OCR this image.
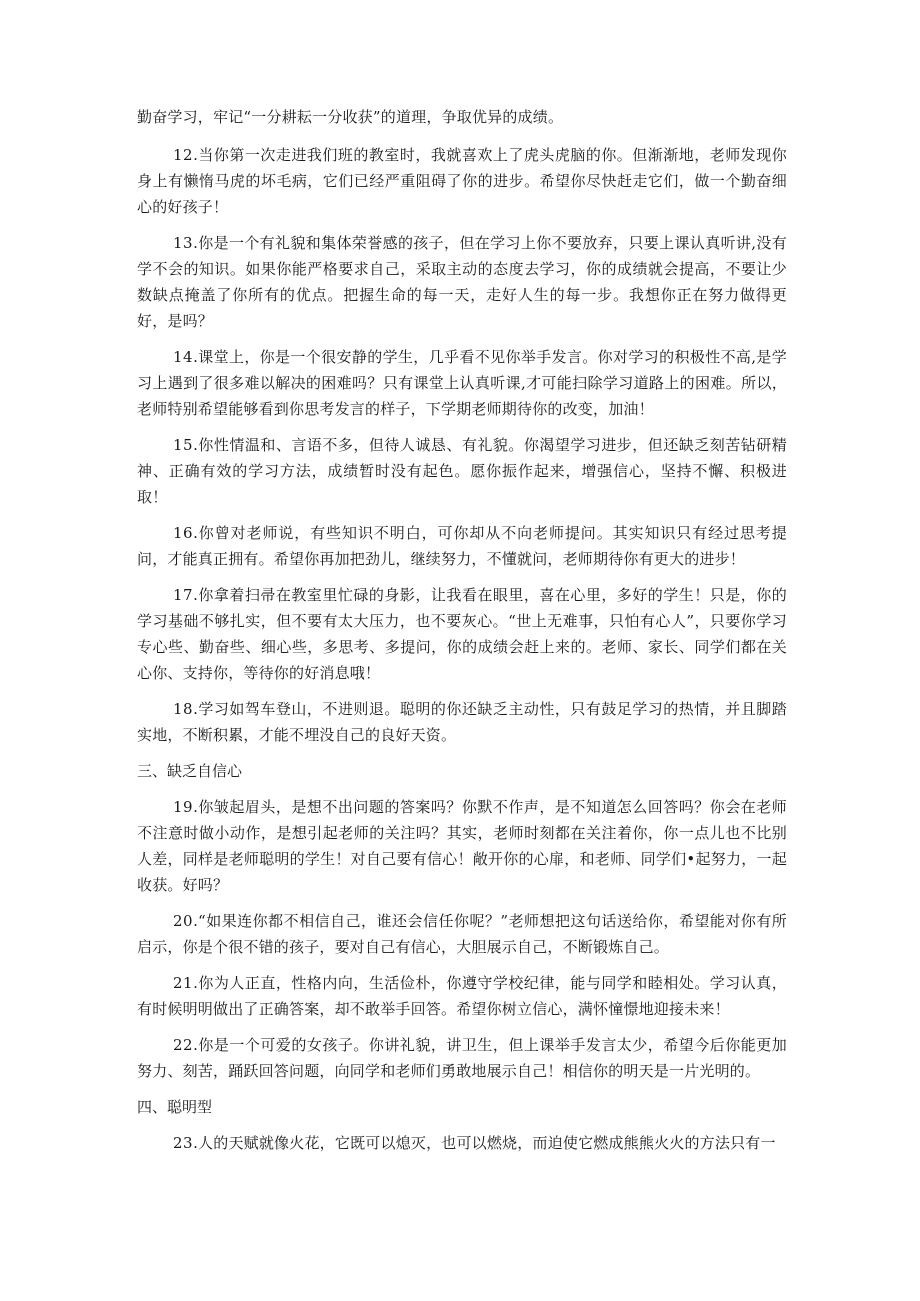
勤奋学习，牢记“一分耕耘一分收获”的道理，争取优异的成绩。

12.当你第一次走进我们班的教室时，我就喜欢上了虎头虎脑的你。但渐渐地，老师发现你身上有懒惰马虎的坏毛病，它们已经严重阻碍了你的进步。希望你尽快赶走它们，做一个勤奋细心的好孩子！

13.你是一个有礼貌和集体荣誉感的孩子，但在学习上你不要放弃，只要上课认真听讲,没有学不会的知识。如果你能严格要求自己，采取主动的态度去学习，你的成绩就会提高，不要让少数缺点掩盖了你所有的优点。把握生命的每一天，走好人生的每一步。我想你正在努力做得更好，是吗？

14.课堂上，你是一个很安静的学生，几乎看不见你举手发言。你对学习的积极性不高,是学习上遇到了很多难以解决的困难吗？只有课堂上认真听课,才可能扫除学习道路上的困难。所以，老师特别希望能够看到你思考发言的样子，下学期老师期待你的改变，加油！

15.你性情温和、言语不多，但待人诚恳、有礼貌。你渴望学习进步，但还缺乏刻苦钻研精神、正确有效的学习方法，成绩暂时没有起色。愿你振作起来，增强信心，坚持不懈、积极进取！

16.你曾对老师说，有些知识不明白，可你却从不向老师提问。其实知识只有经过思考提问，才能真正拥有。希望你再加把劲儿，继续努力，不懂就问，老师期待你有更大的进步！

17.你拿着扫帚在教室里忙碌的身影，让我看在眼里，喜在心里，多好的学生！只是，你的学习基础不够扎实，但不要有太大压力，也不要灰心。“世上无难事，只怕有心人”，只要你学习专心些、勤奋些、细心些，多思考、多提问，你的成绩会赶上来的。老师、家长、同学们都在关心你、支持你，等待你的好消息哦！

18.学习如驾车登山，不进则退。聪明的你还缺乏主动性，只有鼓足学习的热情，并且脚踏实地，不断积累，才能不埋没自己的良好天资。

三、缺乏自信心

19.你皱起眉头，是想不出问题的答案吗？你默不作声，是不知道怎么回答吗？你会在老师不注意时做小动作，是想引起老师的关注吗？其实，老师时刻都在关注着你，你一点儿也不比别人差，同样是老师聪明的学生！对自己要有信心！敞开你的心扉，和老师、同学们•起努力，一起收获。好吗？

20.“如果连你都不相信自己，谁还会信任你呢？”老师想把这句话送给你，希望能对你有所启示，你是个很不错的孩子，要对自己有信心，大胆展示自己，不断锻炼自己。

21.你为人正直，性格内向，生活俭朴，你遵守学校纪律，能与同学和睦相处。学习认真，有时候明明做出了正确答案，却不敢举手回答。希望你树立信心，满怀憧憬地迎接未来！

22.你是一个可爱的女孩子。你讲礼貌，讲卫生，但上课举手发言太少，希望今后你能更加努力、刻苦，踊跃回答问题，向同学和老师们勇敢地展示自己！相信你的明天是一片光明的。

四、聪明型

23.人的天赋就像火花，它既可以熄灭，也可以燃烧，而迫使它燃成熊熊火火的方法只有一
